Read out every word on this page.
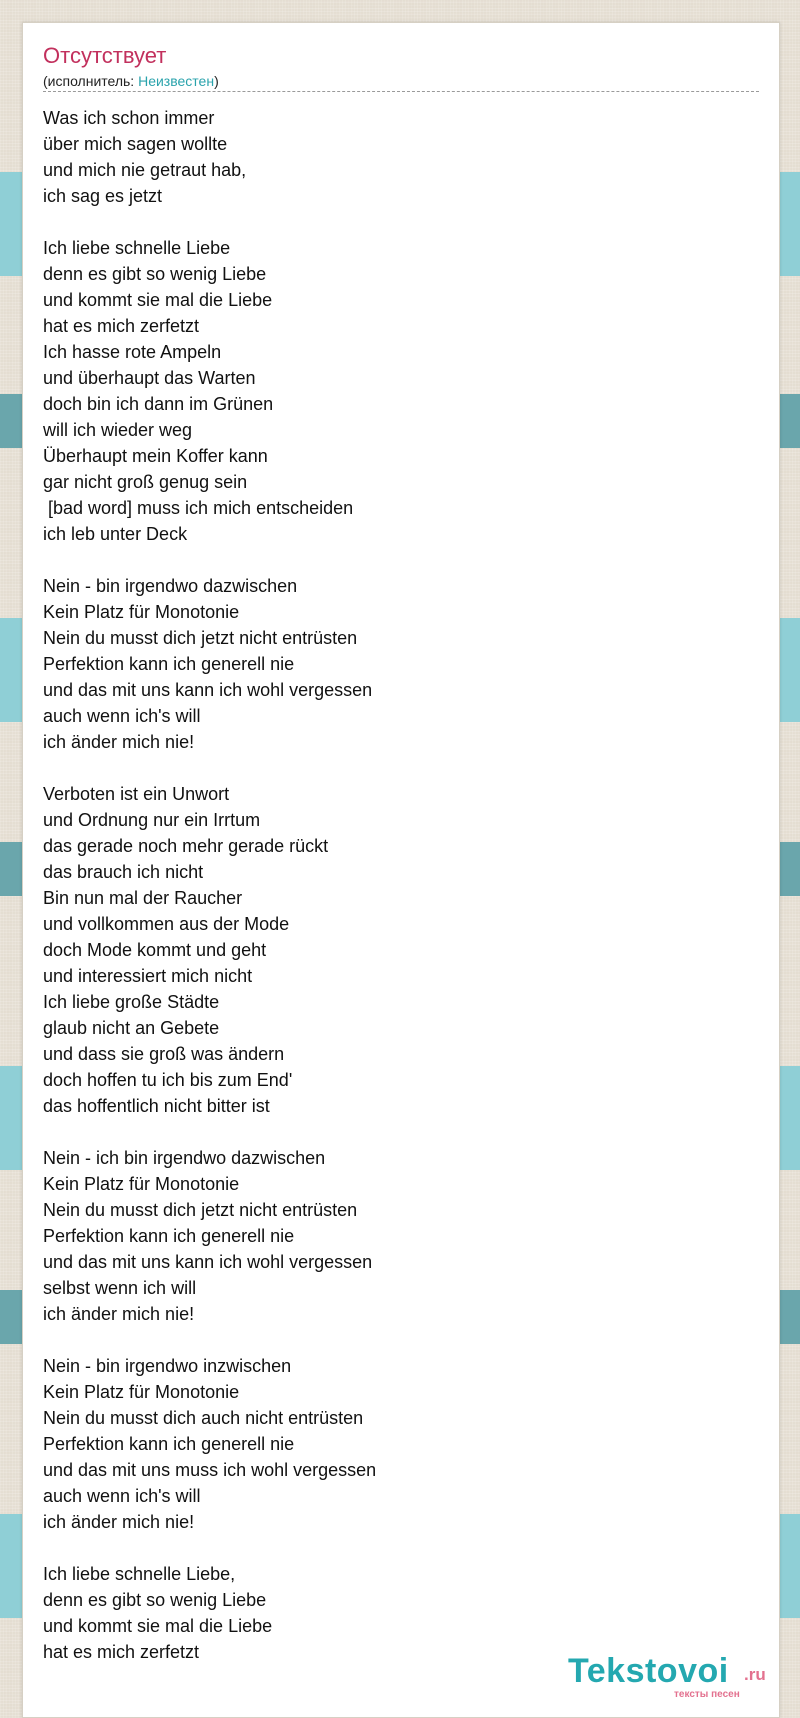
Отсутствует
(исполнитель: Неизвестен)
Was ich schon immer
über mich sagen wollte
und mich nie getraut hab,
ich sag es jetzt

Ich liebe schnelle Liebe
denn es gibt so wenig Liebe
und kommt sie mal die Liebe
hat es mich zerfetzt
Ich hasse rote Ampeln
und überhaupt das Warten
doch bin ich dann im Grünen
will ich wieder weg
Überhaupt mein Koffer kann
gar nicht groß genug sein
[bad word] muss ich mich entscheiden
ich leb unter Deck

Nein - bin irgendwo dazwischen
Kein Platz für Monotonie
Nein du musst dich jetzt nicht entrüsten
Perfektion kann ich generell nie
und das mit uns kann ich wohl vergessen
auch wenn ich's will
ich änder mich nie!

Verboten ist ein Unwort
und Ordnung nur ein Irrtum
das gerade noch mehr gerade rückt
das brauch ich nicht
Bin nun mal der Raucher
und vollkommen aus der Mode
doch Mode kommt und geht
und interessiert mich nicht
Ich liebe große Städte
glaub nicht an Gebete
und dass sie groß was ändern
doch hoffen tu ich bis zum End'
das hoffentlich nicht bitter ist

Nein - ich bin irgendwo dazwischen
Kein Platz für Monotonie
Nein du musst dich jetzt nicht entrüsten
Perfektion kann ich generell nie
und das mit uns kann ich wohl vergessen
selbst wenn ich will
ich änder mich nie!

Nein - bin irgendwo inzwischen
Kein Platz für Monotonie
Nein du musst dich auch nicht entrüsten
Perfektion kann ich generell nie
und das mit uns muss ich wohl vergessen
auch wenn ich's will
ich änder mich nie!

Ich liebe schnelle Liebe,
denn es gibt so wenig Liebe
und kommt sie mal die Liebe
hat es mich zerfetzt	Tekstovoi .ru
тексты песен
